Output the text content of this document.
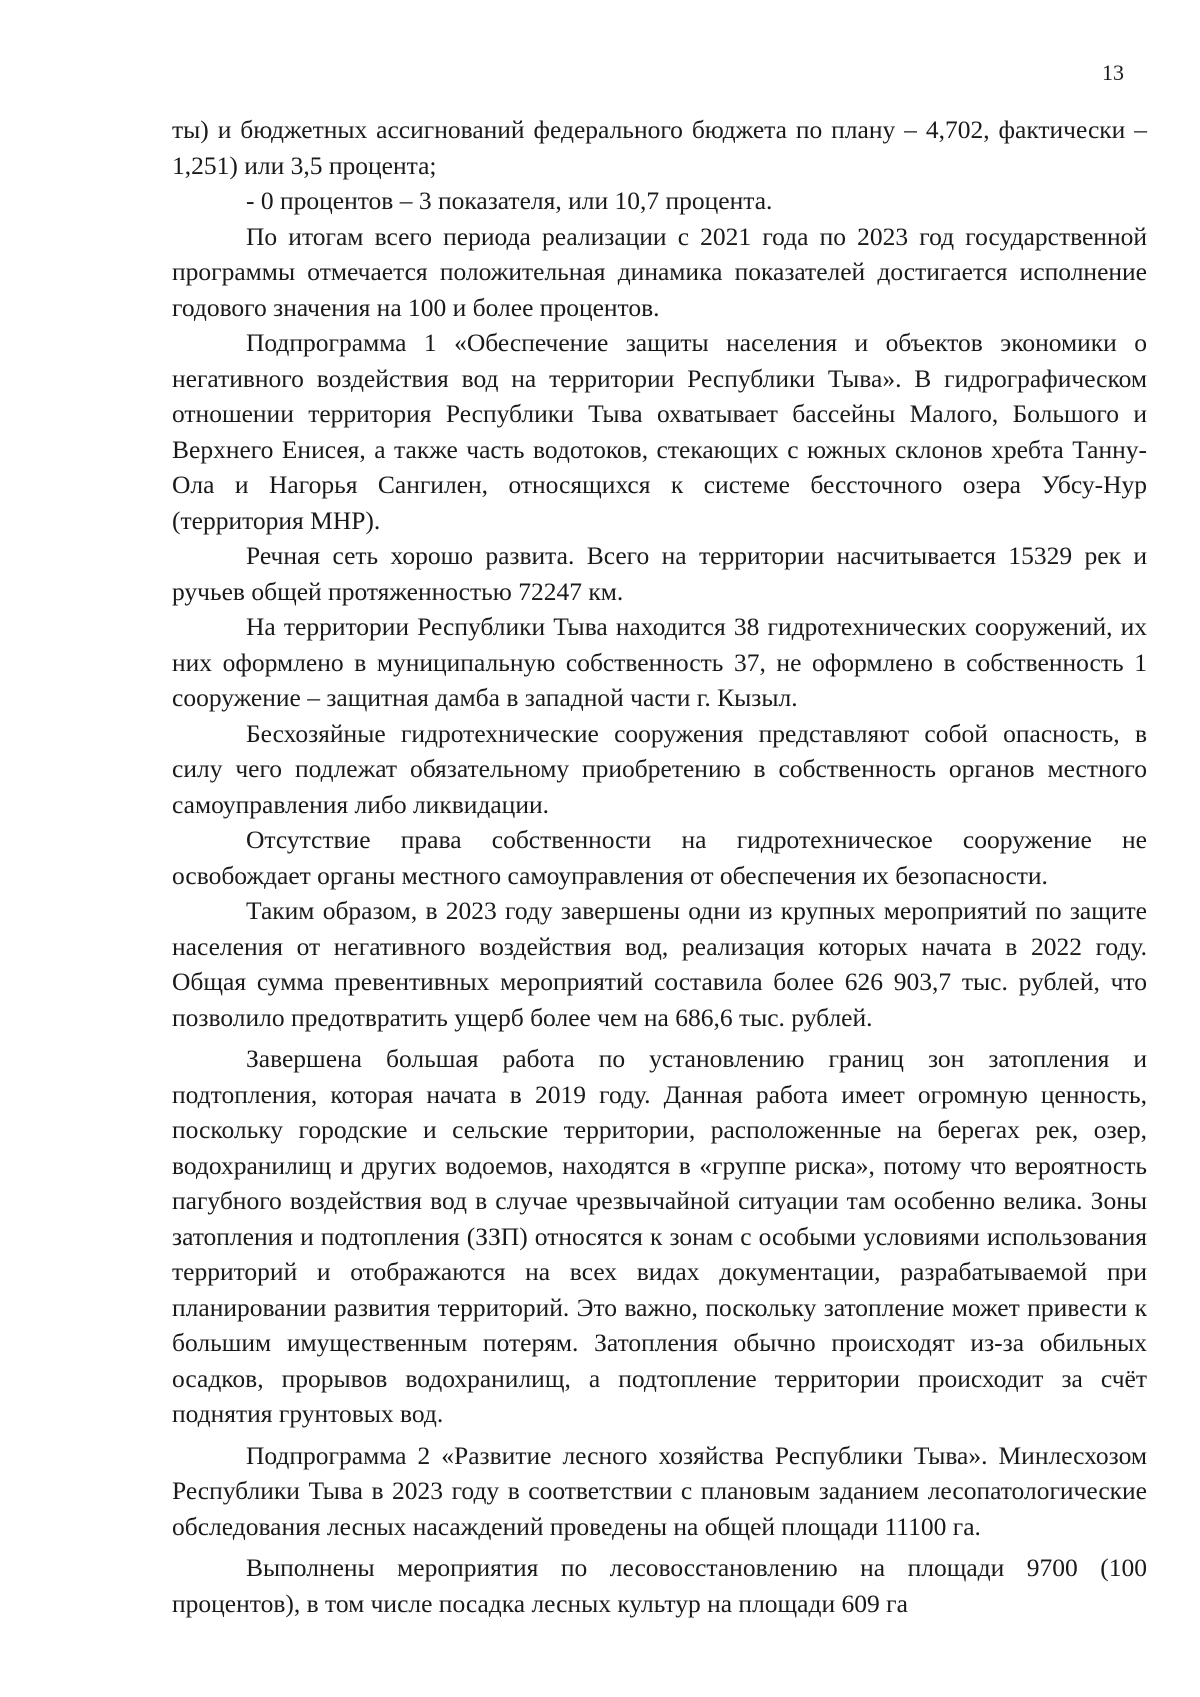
13

ты) и бюджетных ассигнований федерального бюджета по плану – 4,702, фактически – 1,251) или 3,5 процента;

- 0 процентов – 3 показателя, или 10,7 процента.

По итогам всего периода реализации с 2021 года по 2023 год государственной программы отмечается положительная динамика показателей достигается исполнение годового значения на 100 и более процентов.

Подпрограмма 1 «Обеспечение защиты населения и объектов экономики о негативного воздействия вод на территории Республики Тыва». В гидрографическом отношении территория Республики Тыва охватывает бассейны Малого, Большого и Верхнего Енисея, а также часть водотоков, стекающих с южных склонов хребта Танну-Ола и Нагорья Сангилен, относящихся к системе бессточного озера Убсу-Нур (территория МНР).

Речная сеть хорошо развита. Всего на территории насчитывается 15329 рек и ручьев общей протяженностью 72247 км.

На территории Республики Тыва находится 38 гидротехнических сооружений, их них оформлено в муниципальную собственность 37, не оформлено в собственность 1 сооружение – защитная дамба в западной части г. Кызыл.

Бесхозяйные гидротехнические сооружения представляют собой опасность, в силу чего подлежат обязательному приобретению в собственность органов местного самоуправления либо ликвидации.

Отсутствие права собственности на гидротехническое сооружение не освобождает органы местного самоуправления от обеспечения их безопасности.

Таким образом, в 2023 году завершены одни из крупных мероприятий по защите населения от негативного воздействия вод, реализация которых начата в 2022 году. Общая сумма превентивных мероприятий составила более 626 903,7 тыс. рублей, что позволило предотвратить ущерб более чем на 686,6 тыс. рублей.

Завершена большая работа по установлению границ зон затопления и подтопления, которая начата в 2019 году. Данная работа имеет огромную ценность, поскольку городские и сельские территории, расположенные на берегах рек, озер, водохранилищ и других водоемов, находятся в «группе риска», потому что вероятность пагубного воздействия вод в случае чрезвычайной ситуации там особенно велика. Зоны затопления и подтопления (ЗЗП) относятся к зонам с особыми условиями использования территорий и отображаются на всех видах документации, разрабатываемой при планировании развития территорий. Это важно, поскольку затопление может привести к большим имущественным потерям. Затопления обычно происходят из-за обильных осадков, прорывов водохранилищ, а подтопление территории происходит за счёт поднятия грунтовых вод.

Подпрограмма 2 «Развитие лесного хозяйства Республики Тыва». Минлесхозом Республики Тыва в 2023 году в соответствии с плановым заданием лесопатологические обследования лесных насаждений проведены на общей площади 11100 га.

Выполнены мероприятия по лесовосстановлению на площади 9700 (100 процентов), в том числе посадка лесных культур на площади 609 га
